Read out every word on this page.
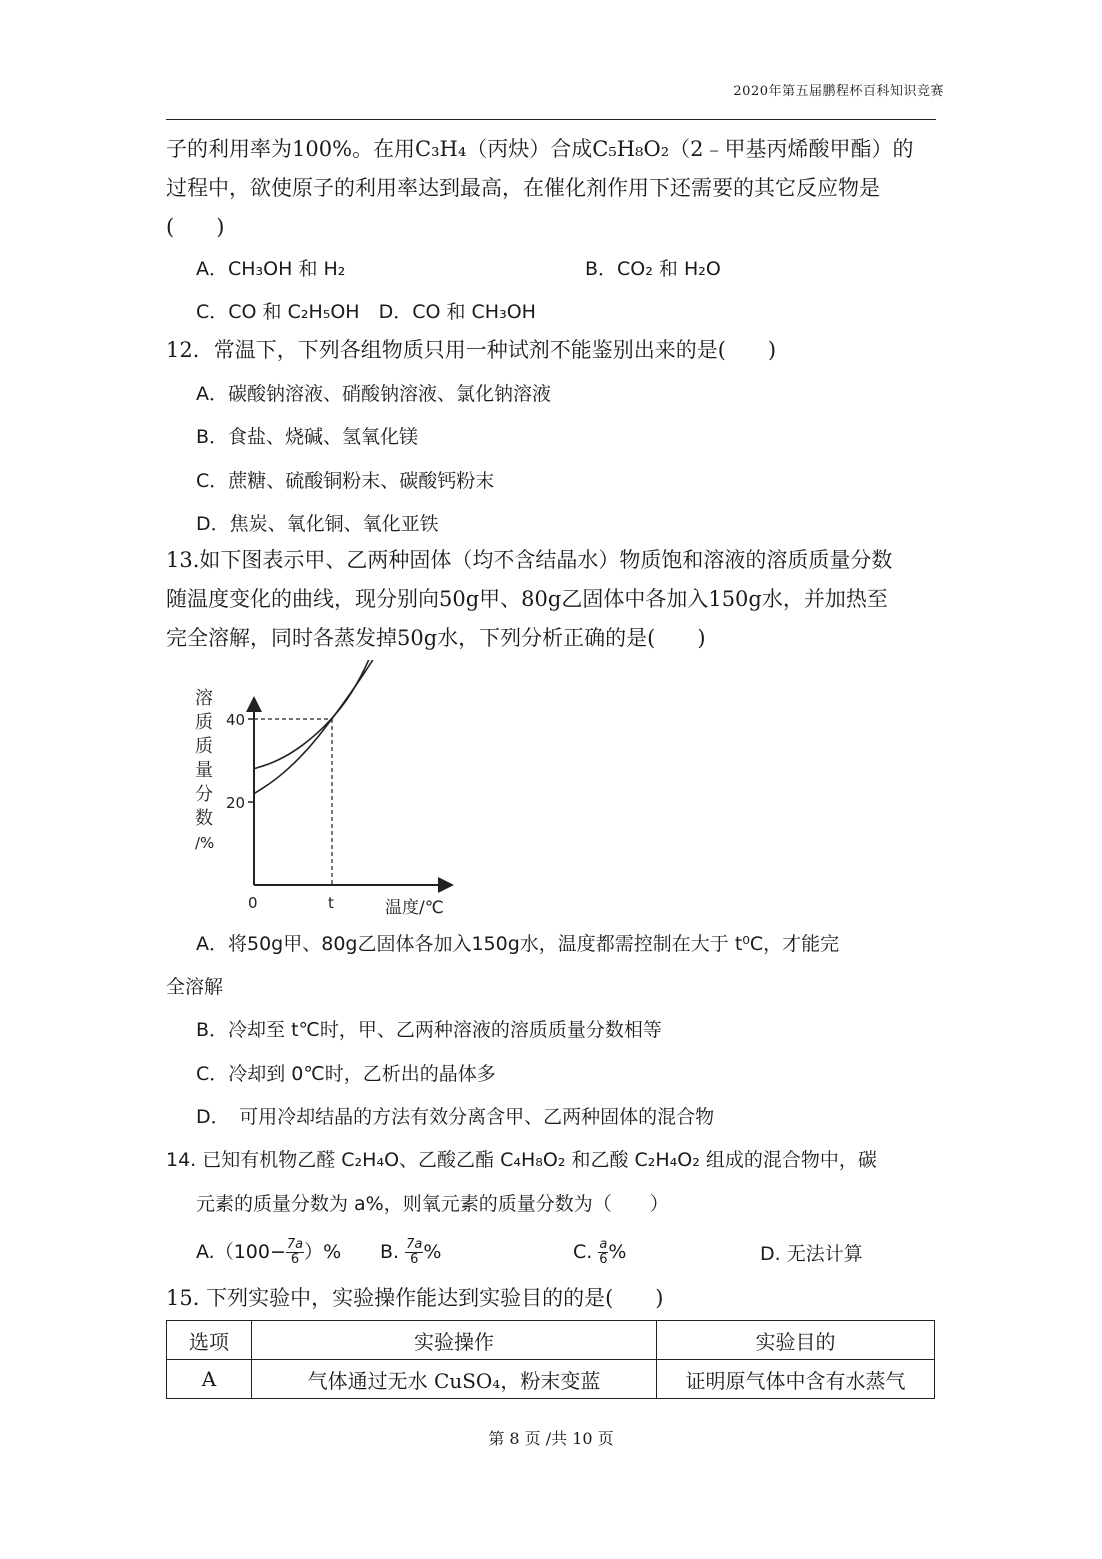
2020年第五届鹏程杯百科知识竞赛
子的利用率为100%。在用C₃H₄（丙炔）合成C₅H₈O₂（2﹣甲基丙烯酸甲酯）的
过程中，欲使原子的利用率达到最高，在催化剂作用下还需要的其它反应物是
(　　)
A．CH₃OH 和 H₂	B．CO₂ 和 H₂O
C．CO 和 C₂H₅OH　D．CO 和 CH₃OH
12．常温下，下列各组物质只用一种试剂不能鉴别出来的是(　　)
A．碳酸钠溶液、硝酸钠溶液、氯化钠溶液
B．食盐、烧碱、氢氧化镁
C．蔗糖、硫酸铜粉末、碳酸钙粉末
D．焦炭、氧化铜、氧化亚铁
13.如下图表示甲、乙两种固体（均不含结晶水）物质饱和溶液的溶质质量分数
随温度变化的曲线，现分别向50g甲、80g乙固体中各加入150g水，并加热至
完全溶解，同时各蒸发掉50g水，下列分析正确的是(　　)
溶
质
质
量
分
数
/%
20
40
0	t	温度/℃
A．将50g甲、80g乙固体各加入150g水，温度都需控制在大于 t⁰C，才能完
全溶解
B．冷却至 t℃时，甲、乙两种溶液的溶质质量分数相等
C．冷却到 0℃时，乙析出的晶体多
D．　可用冷却结晶的方法有效分离含甲、乙两种固体的混合物
14. 已知有机物乙醛 C₂H₄O、乙酸乙酯 C₄H₈O₂ 和乙酸 C₂H₄O₂ 组成的混合物中，碳
元素的质量分数为 a%，则氧元素的质量分数为（　　）
$A.(100- \frac{7a}{6}$ ）% B. $\frac{7a}{6}$ %	C. $\frac{a}{6}$ %	D. 无法计算
15. 下列实验中，实验操作能达到实验目的的是(　　)
选项	实验操作	实验目的
A	气体通过无水 CuSO₄，粉末变蓝	证明原气体中含有水蒸气
第 8 页 /共 10 页
